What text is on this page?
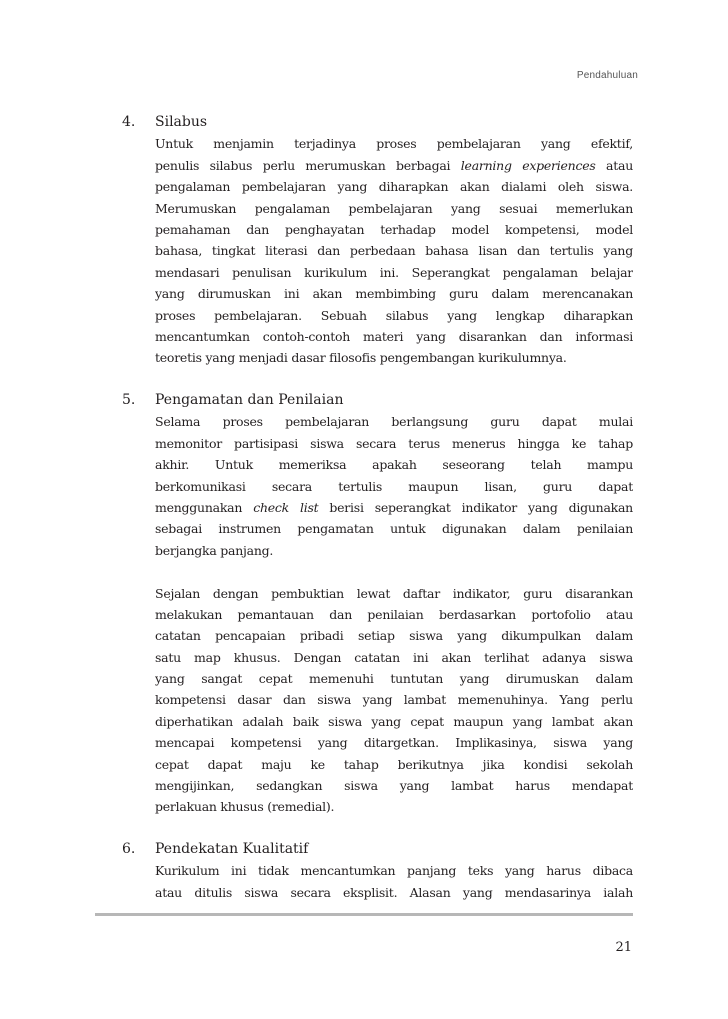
Pendahuluan
4. Silabus
Untuk menjamin terjadinya proses pembelajaran yang efektif,
penulis silabus perlu merumuskan berbagai learning experiences atau
pengalaman pembelajaran yang diharapkan akan dialami oleh siswa.
Merumuskan pengalaman pembelajaran yang sesuai memerlukan
pemahaman dan penghayatan terhadap model kompetensi, model
bahasa, tingkat literasi dan perbedaan bahasa lisan dan tertulis yang
mendasari penulisan kurikulum ini. Seperangkat pengalaman belajar
yang dirumuskan ini akan membimbing guru dalam merencanakan
proses pembelajaran. Sebuah silabus yang lengkap diharapkan
mencantumkan contoh-contoh materi yang disarankan dan informasi
teoretis yang menjadi dasar filosofis pengembangan kurikulumnya.
5. Pengamatan dan Penilaian
Selama proses pembelajaran berlangsung guru dapat mulai
memonitor partisipasi siswa secara terus menerus hingga ke tahap
akhir. Untuk memeriksa apakah seseorang telah mampu
berkomunikasi secara tertulis maupun lisan, guru dapat
menggunakan check list berisi seperangkat indikator yang digunakan
sebagai instrumen pengamatan untuk digunakan dalam penilaian
berjangka panjang.
Sejalan dengan pembuktian lewat daftar indikator, guru disarankan
melakukan pemantauan dan penilaian berdasarkan portofolio atau
catatan pencapaian pribadi setiap siswa yang dikumpulkan dalam
satu map khusus. Dengan catatan ini akan terlihat adanya siswa
yang sangat cepat memenuhi tuntutan yang dirumuskan dalam
kompetensi dasar dan siswa yang lambat memenuhinya. Yang perlu
diperhatikan adalah baik siswa yang cepat maupun yang lambat akan
mencapai kompetensi yang ditargetkan. Implikasinya, siswa yang
cepat dapat maju ke tahap berikutnya jika kondisi sekolah
mengijinkan, sedangkan siswa yang lambat harus mendapat
perlakuan khusus (remedial).
6. Pendekatan Kualitatif
Kurikulum ini tidak mencantumkan panjang teks yang harus dibaca
atau ditulis siswa secara eksplisit. Alasan yang mendasarinya ialah
21
